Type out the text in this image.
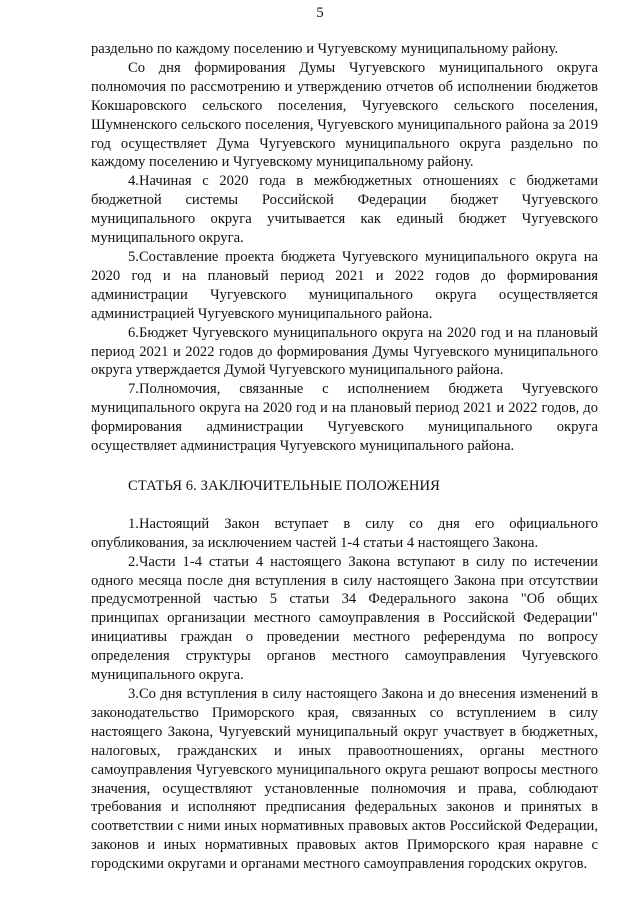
5

раздельно по каждому поселению и Чугуевскому муниципальному району.

Со дня формирования Думы Чугуевского муниципального округа полномочия по рассмотрению и утверждению отчетов об исполнении бюджетов Кокшаровского сельского поселения, Чугуевского сельского поселения, Шумненского сельского поселения, Чугуевского муниципального района за 2019 год осуществляет Дума Чугуевского муниципального округа раздельно по каждому поселению и Чугуевскому муниципальному району.

4.Начиная с 2020 года в межбюджетных отношениях с бюджетами бюджетной системы Российской Федерации бюджет Чугуевского муниципального округа учитывается как единый бюджет Чугуевского муниципального округа.

5.Составление проекта бюджета Чугуевского муниципального округа на 2020 год и на плановый период 2021 и 2022 годов до формирования администрации Чугуевского муниципального округа осуществляется администрацией Чугуевского муниципального района.

6.Бюджет Чугуевского муниципального округа на 2020 год и на плановый период 2021 и 2022 годов до формирования Думы Чугуевского муниципального округа утверждается Думой Чугуевского муниципального района.

7.Полномочия, связанные с исполнением бюджета Чугуевского муниципального округа на 2020 год и на плановый период 2021 и 2022 годов, до формирования администрации Чугуевского муниципального округа осуществляет администрация Чугуевского муниципального района.

СТАТЬЯ 6. ЗАКЛЮЧИТЕЛЬНЫЕ ПОЛОЖЕНИЯ

1.Настоящий Закон вступает в силу со дня его официального опубликования, за исключением частей 1-4 статьи 4 настоящего Закона.

2.Части 1-4 статьи 4 настоящего Закона вступают в силу по истечении одного месяца после дня вступления в силу настоящего Закона при отсутствии предусмотренной частью 5 статьи 34 Федерального закона "Об общих принципах организации местного самоуправления в Российской Федерации" инициативы граждан о проведении местного референдума по вопросу определения структуры органов местного самоуправления Чугуевского муниципального округа.

3.Со дня вступления в силу настоящего Закона и до внесения изменений в законодательство Приморского края, связанных со вступлением в силу настоящего Закона, Чугуевский муниципальный округ участвует в бюджетных, налоговых, гражданских и иных правоотношениях, органы местного самоуправления Чугуевского муниципального округа решают вопросы местного значения, осуществляют установленные полномочия и права, соблюдают требования и исполняют предписания федеральных законов и принятых в соответствии с ними иных нормативных правовых актов Российской Федерации, законов и иных нормативных правовых актов Приморского края наравне с городскими округами и органами местного самоуправления городских округов.
